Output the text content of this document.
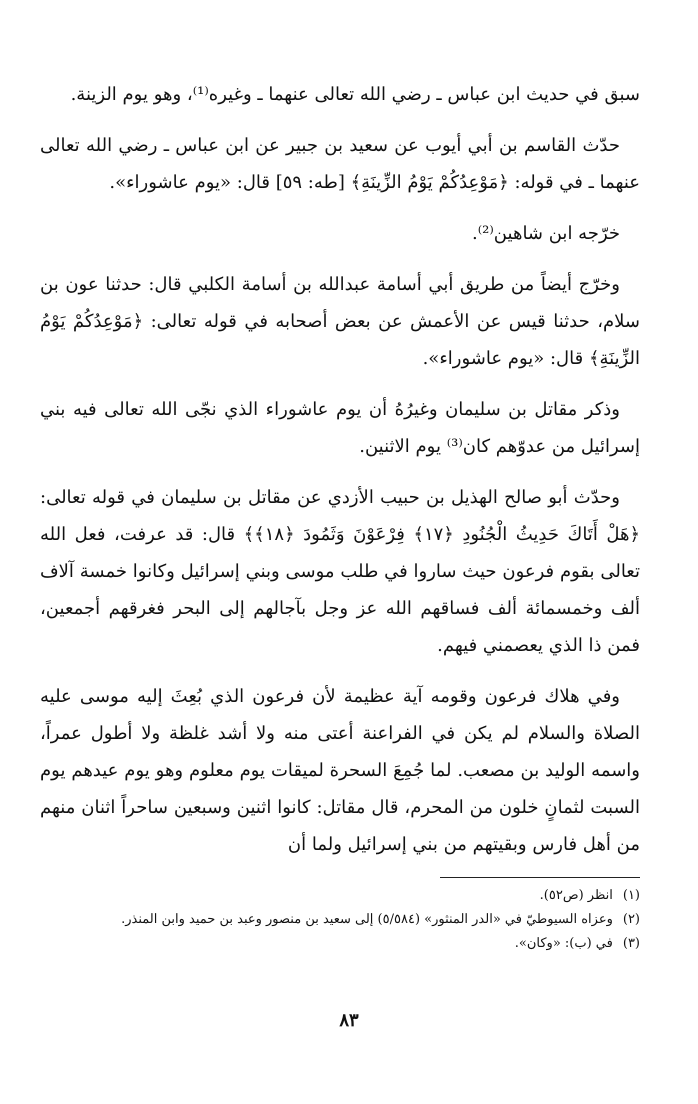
سبق في حديث ابن عباس ـ رضي الله تعالى عنهما ـ وغيره⁽¹⁾، وهو يوم الزينة.

حدّث القاسم بن أبي أيوب عن سعيد بن جبير عن ابن عباس ـ رضي الله تعالى عنهما ـ في قوله: ﴿مَوْعِدُكُمْ يَوْمُ الزِّينَةِ﴾ [طه: ٥٩] قال: «يوم عاشوراء».

خرّجه ابن شاهين⁽²⁾.

وخرّج أيضاً من طريق أبي أسامة عبدالله بن أسامة الكلبي قال: حدثنا عون بن سلام، حدثنا قيس عن الأعمش عن بعض أصحابه في قوله تعالى: ﴿مَوْعِدُكُمْ يَوْمُ الزِّينَةِ﴾ قال: «يوم عاشوراء».

وذكر مقاتل بن سليمان وغيرُهُ أن يوم عاشوراء الذي نجّى الله تعالى فيه بني إسرائيل من عدوّهم كان⁽³⁾ يوم الاثنين.

وحدّث أبو صالح الهذيل بن حبيب الأزدي عن مقاتل بن سليمان في قوله تعالى: ﴿هَلْ أَتَاكَ حَدِيثُ الْجُنُودِ ﴿١٧﴾ فِرْعَوْنَ وَثَمُودَ ﴿١٨﴾﴾ قال: قد عرفت، فعل الله تعالى بقوم فرعون حيث ساروا في طلب موسى وبني إسرائيل وكانوا خمسة آلاف ألف وخمسمائة ألف فساقهم الله عز وجل بآجالهم إلى البحر فغرقهم أجمعين، فمن ذا الذي يعصمني فيهم.

وفي هلاك فرعون وقومه آية عظيمة لأن فرعون الذي بُعِثَ إليه موسى عليه الصلاة والسلام لم يكن في الفراعنة أعتى منه ولا أشد غلظة ولا أطول عمراً، واسمه الوليد بن مصعب. لما جُمِعَ السحرة لميقات يوم معلوم وهو يوم عيدهم يوم السبت لثمانٍ خلون من المحرم، قال مقاتل: كانوا اثنين وسبعين ساحراً اثنان منهم من أهل فارس وبقيتهم من بني إسرائيل ولما أن

(١)انظر (ص٥٢).

(٢)وعزاه السيوطيّ في «الدر المنثور» (٥/٥٨٤) إلى سعيد بن منصور وعبد بن حميد وابن المنذر.

(٣)في (ب): «وكان».

٨٣
